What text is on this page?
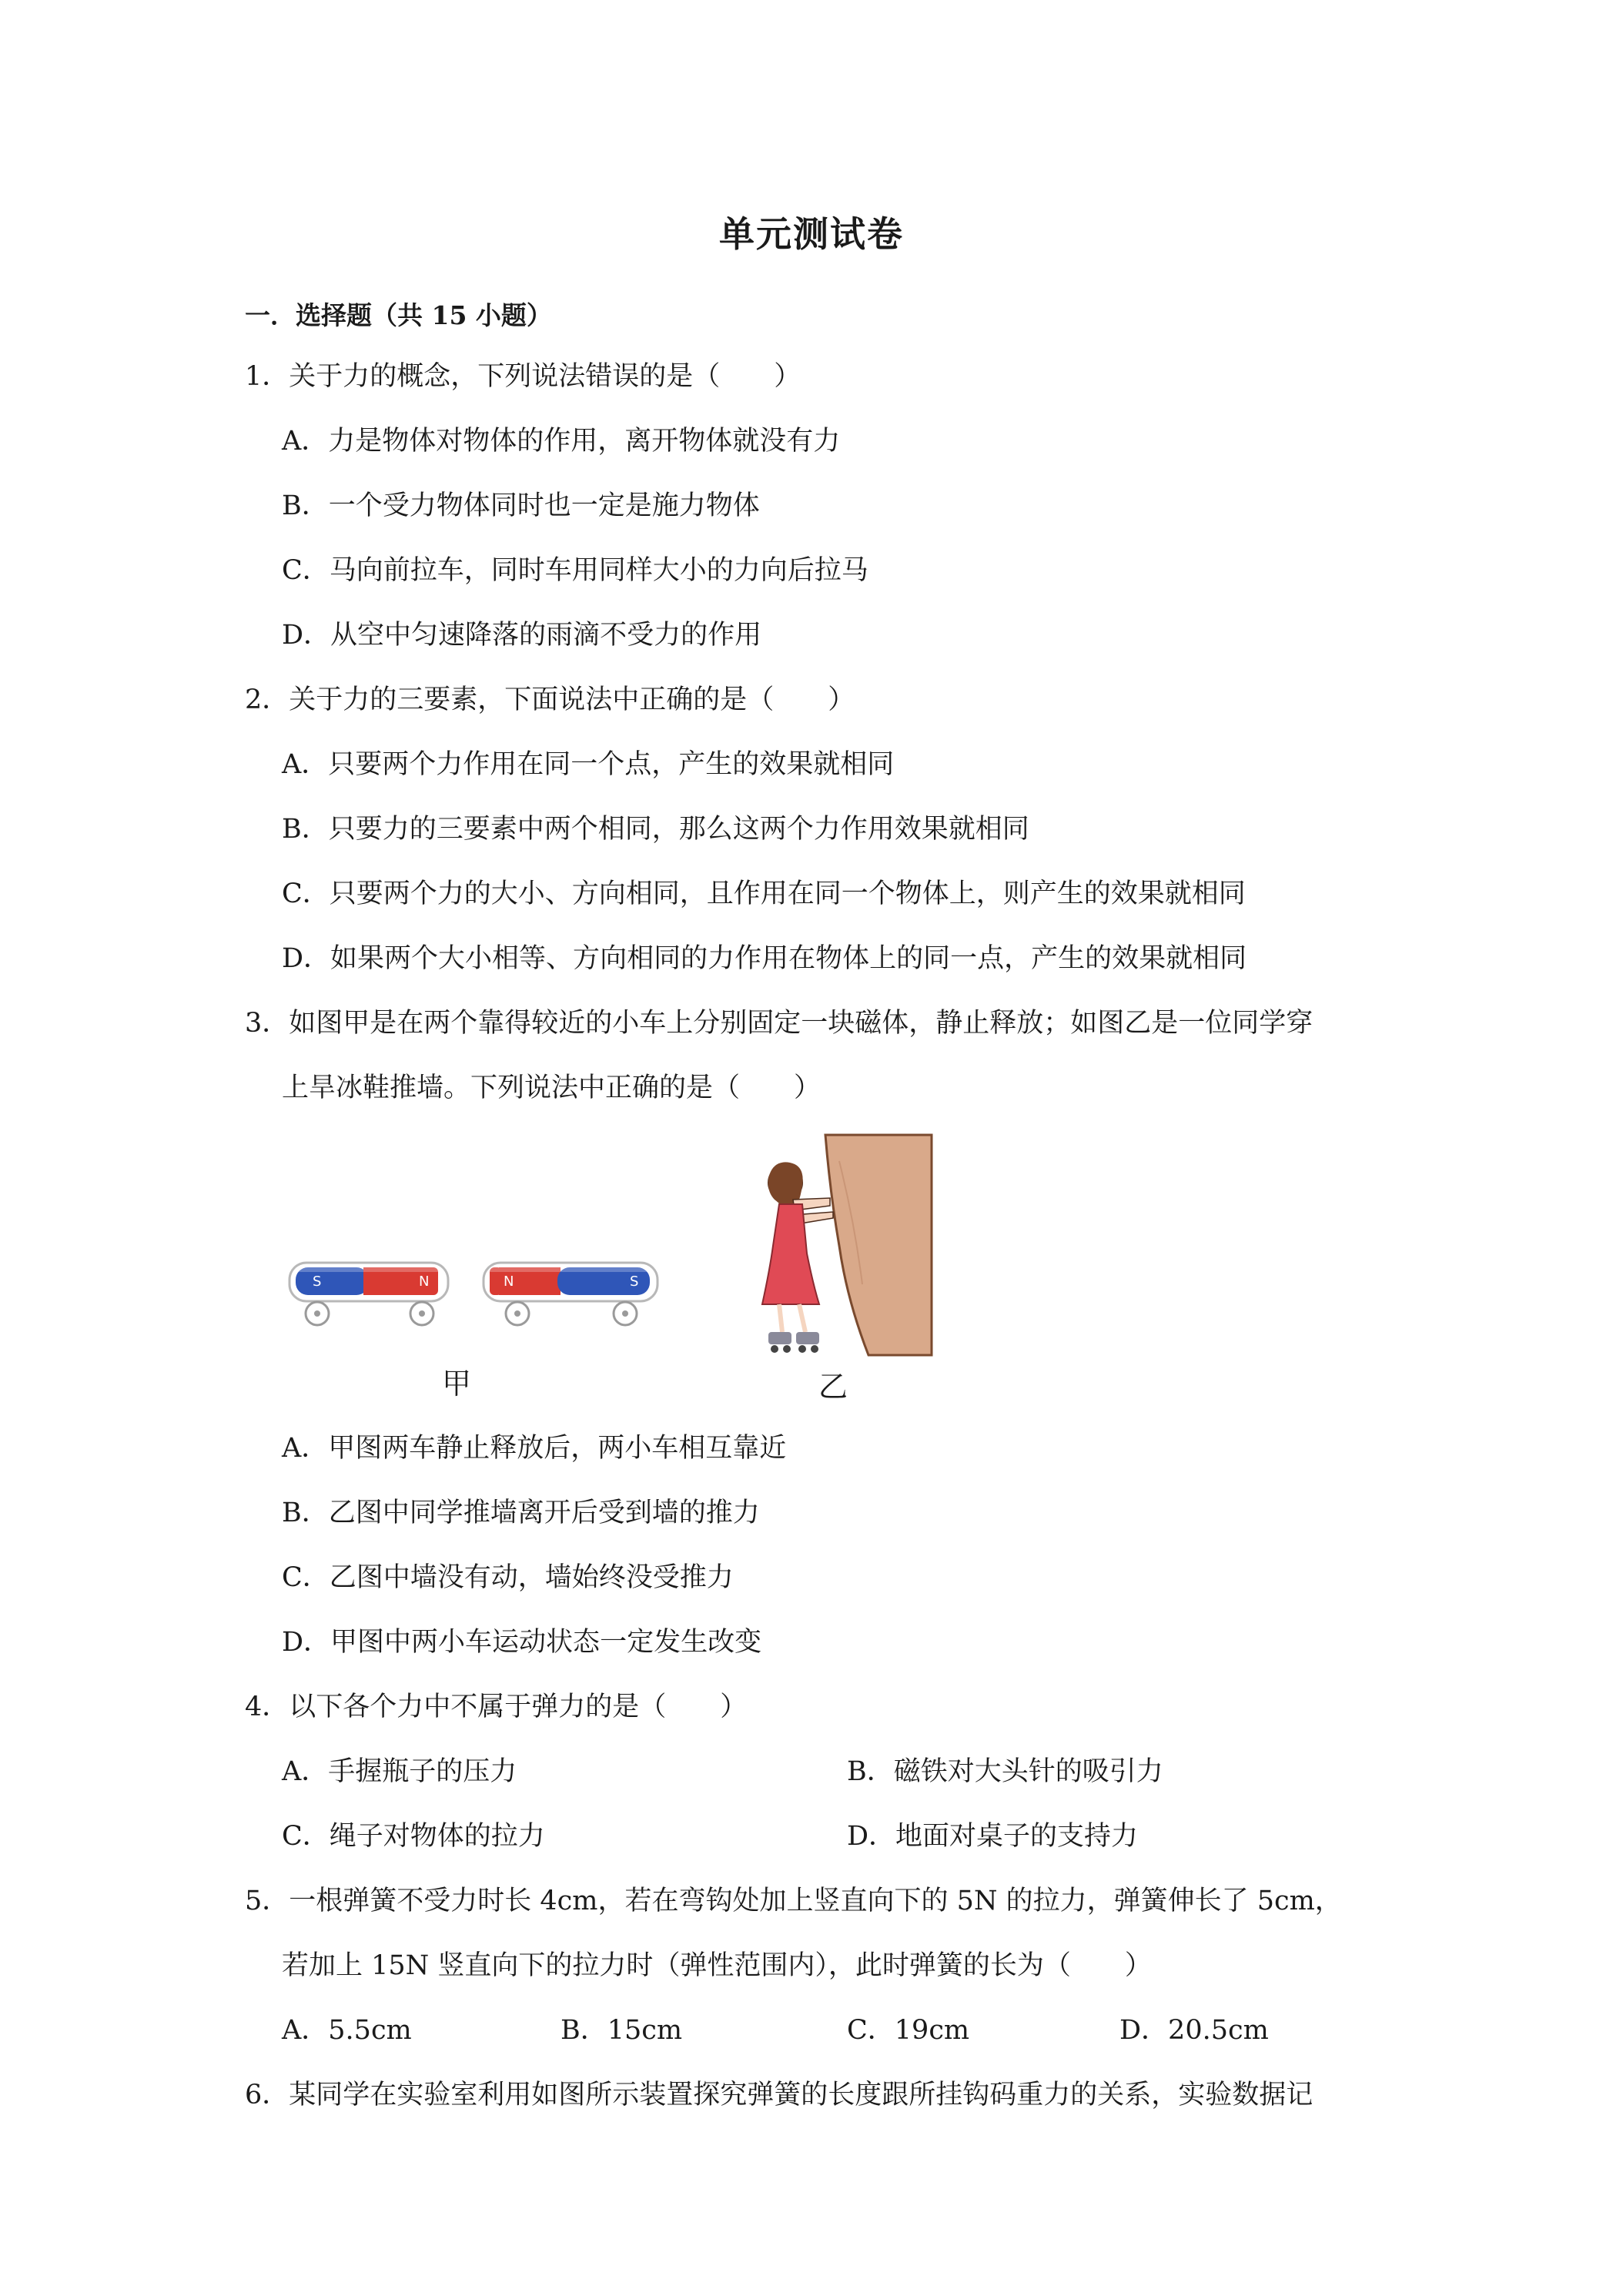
单元测试卷
一．选择题（共 15 小题）
1．关于力的概念，下列说法错误的是（　　）
A．力是物体对物体的作用，离开物体就没有力
B．一个受力物体同时也一定是施力物体
C．马向前拉车，同时车用同样大小的力向后拉马
D．从空中匀速降落的雨滴不受力的作用
2．关于力的三要素，下面说法中正确的是（　　）
A．只要两个力作用在同一个点，产生的效果就相同
B．只要力的三要素中两个相同，那么这两个力作用效果就相同
C．只要两个力的大小、方向相同，且作用在同一个物体上，则产生的效果就相同
D．如果两个大小相等、方向相同的力作用在物体上的同一点，产生的效果就相同
3．如图甲是在两个靠得较近的小车上分别固定一块磁体，静止释放；如图乙是一位同学穿
上旱冰鞋推墙。下列说法中正确的是（　　）
S	N	N	S
甲	乙
A．甲图两车静止释放后，两小车相互靠近
B．乙图中同学推墙离开后受到墙的推力
C．乙图中墙没有动，墙始终没受推力
D．甲图中两小车运动状态一定发生改变
4．以下各个力中不属于弹力的是（　　）
A．手握瓶子的压力	B．磁铁对大头针的吸引力
C．绳子对物体的拉力	D．地面对桌子的支持力
5．一根弹簧不受力时长 4cm，若在弯钩处加上竖直向下的 5N 的拉力，弹簧伸长了 5cm，
若加上 15N 竖直向下的拉力时（弹性范围内），此时弹簧的长为（　　）
A．5.5cm	B．15cm	C．19cm	D．20.5cm
6．某同学在实验室利用如图所示装置探究弹簧的长度跟所挂钩码重力的关系，实验数据记
